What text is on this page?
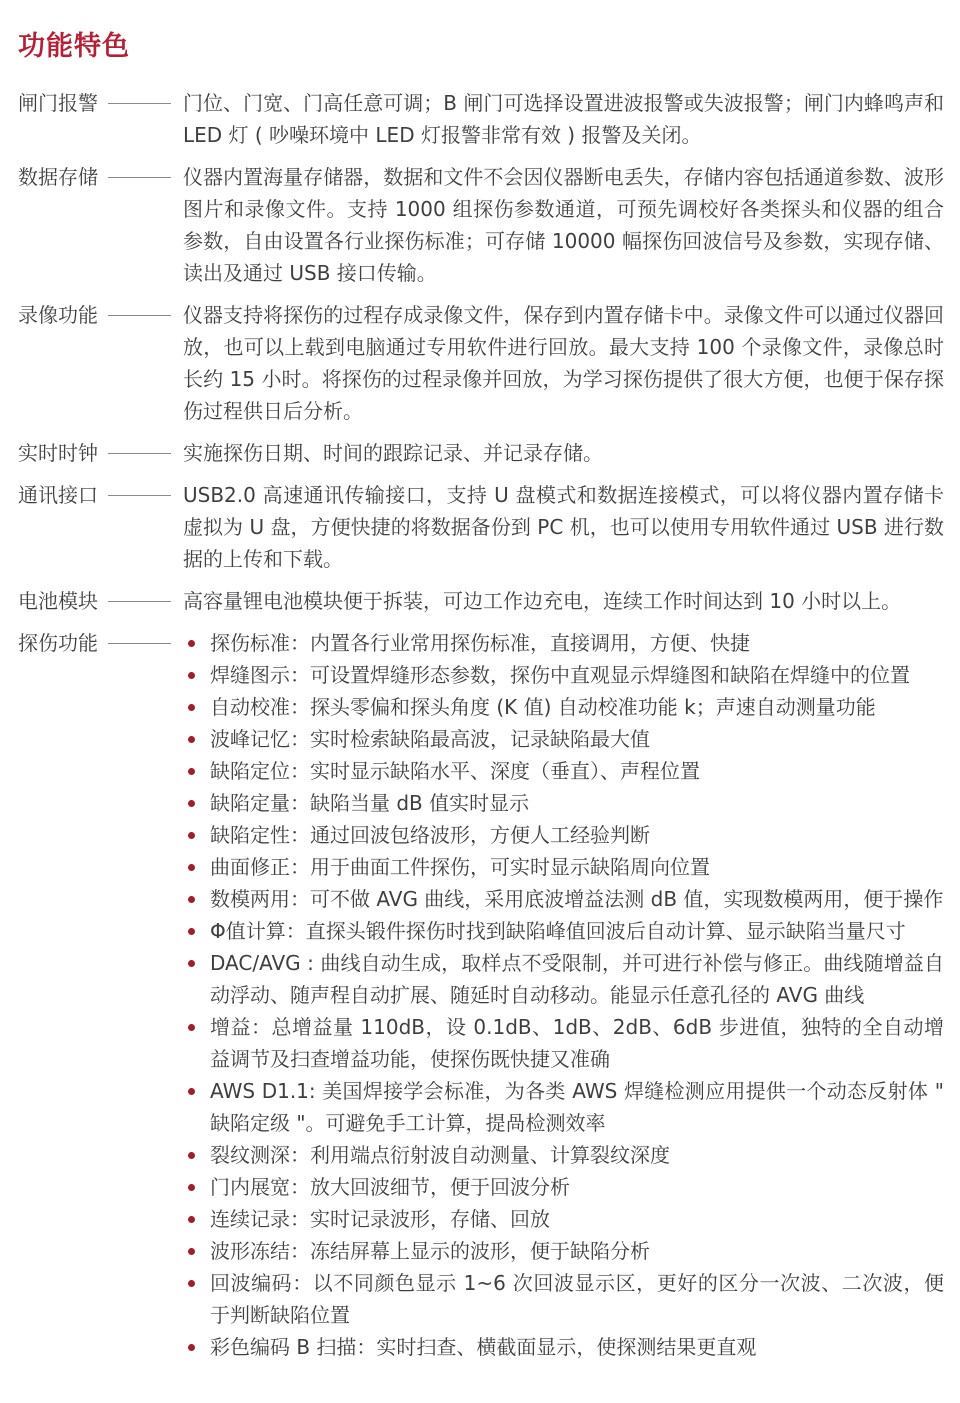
功能特色
闸门报警	门位、门宽、门高任意可调；B 闸门可选择设置进波报警或失波报警；闸门内蜂鸣声和 LED 灯 ( 吵噪环境中 LED 灯报警非常有效 ) 报警及关闭。
数据存储	仪器内置海量存储器，数据和文件不会因仪器断电丢失，存储内容包括通道参数、波形图片和录像文件。支持 1000 组探伤参数通道，可预先调校好各类探头和仪器的组合参数，自由设置各行业探伤标准；可存储 10000 幅探伤回波信号及参数，实现存储、读出及通过 USB 接口传输。
录像功能	仪器支持将探伤的过程存成录像文件，保存到内置存储卡中。录像文件可以通过仪器回放，也可以上载到电脑通过专用软件进行回放。最大支持 100 个录像文件，录像总时长约 15 小时。将探伤的过程录像并回放，为学习探伤提供了很大方便，也便于保存探伤过程供日后分析。
实时时钟	实施探伤日期、时间的跟踪记录、并记录存储。
通讯接口	USB2.0 高速通讯传输接口，支持 U 盘模式和数据连接模式，可以将仪器内置存储卡虚拟为 U 盘，方便快捷的将数据备份到 PC 机，也可以使用专用软件通过 USB 进行数据的上传和下载。
电池模块	高容量锂电池模块便于拆装，可边工作边充电，连续工作时间达到 10 小时以上。
探伤功能	探伤标准：内置各行业常用探伤标准，直接调用，方便、快捷
焊缝图示：可设置焊缝形态参数，探伤中直观显示焊缝图和缺陷在焊缝中的位置
自动校准：探头零偏和探头角度 (K 值) 自动校准功能 k；声速自动测量功能
波峰记忆：实时检索缺陷最高波，记录缺陷最大值
缺陷定位：实时显示缺陷水平、深度（垂直）、声程位置
缺陷定量：缺陷当量 dB 值实时显示
缺陷定性：通过回波包络波形，方便人工经验判断
曲面修正：用于曲面工件探伤，可实时显示缺陷周向位置
数模两用：可不做 AVG 曲线，采用底波增益法测 dB 值，实现数模两用，便于操作
Φ值计算：直探头锻件探伤时找到缺陷峰值回波后自动计算、显示缺陷当量尺寸
DAC/AVG : 曲线自动生成，取样点不受限制，并可进行补偿与修正。曲线随增益自动浮动、随声程自动扩展、随延时自动移动。能显示任意孔径的 AVG 曲线
增益：总增益量 110dB，设 0.1dB、1dB、2dB、6dB 步进值，独特的全自动增益调节及扫查增益功能，使探伤既快捷又准确
AWS D1.1: 美国焊接学会标准，为各类 AWS 焊缝检测应用提供一个动态反射体 " 缺陷定级 "。可避免手工计算，提咼检测效率
裂纹测深：利用端点衍射波自动测量、计算裂纹深度
门内展宽：放大回波细节，便于回波分析
连续记录：实时记录波形，存储、回放
波形冻结：冻结屏幕上显示的波形，便于缺陷分析
回波编码：以不同颜色显示 1~6 次回波显示区，更好的区分一次波、二次波，便于判断缺陷位置
彩色编码 B 扫描：实时扫查、横截面显示，使探测结果更直观
